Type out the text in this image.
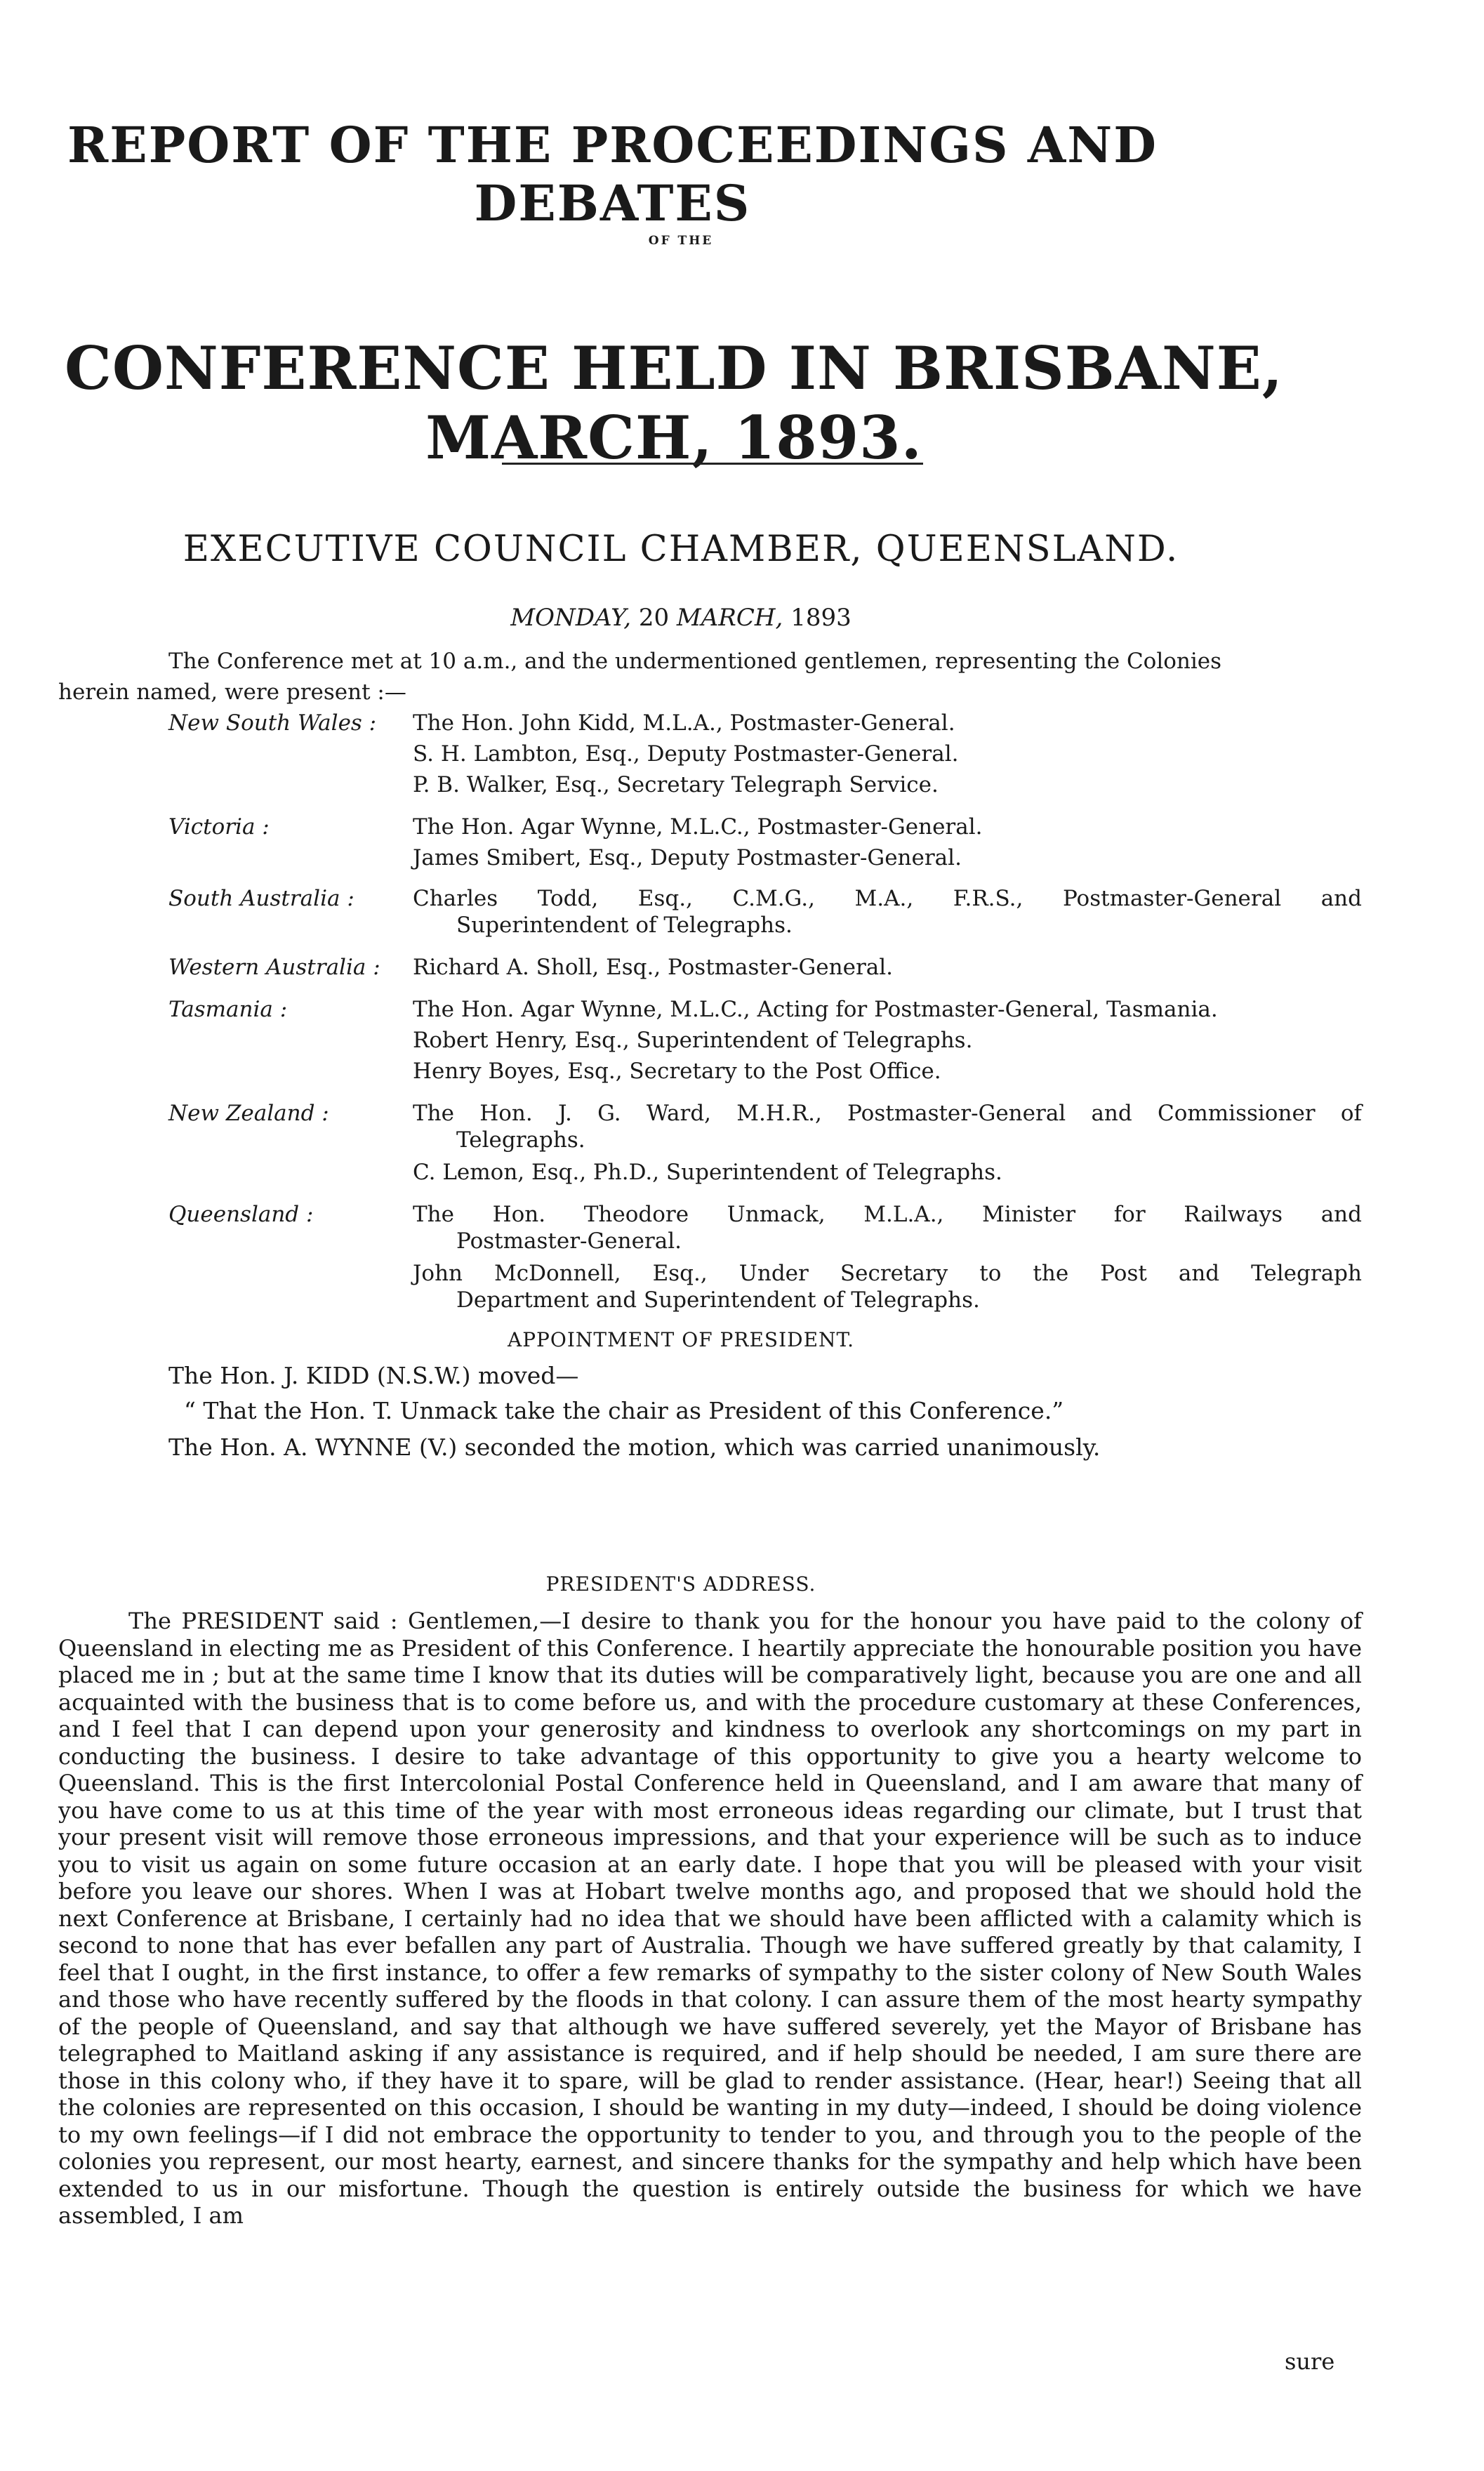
REPORT OF THE PROCEEDINGS AND DEBATES
OF THE
CONFERENCE HELD IN BRISBANE, MARCH, 1893.
EXECUTIVE COUNCIL CHAMBER, QUEENSLAND.
MONDAY, 20 MARCH, 1893
The Conference met at 10 a.m., and the undermentioned gentlemen, representing the Colonies
herein named, were present :—
New South Wales : The Hon. John Kidd, M.L.A., Postmaster-General.
S. H. Lambton, Esq., Deputy Postmaster-General.
P. B. Walker, Esq., Secretary Telegraph Service.
Victoria :	The Hon. Agar Wynne, M.L.C., Postmaster-General.
James Smibert, Esq., Deputy Postmaster-General.
South Australia :	Charles Todd, Esq., C.M.G., M.A., F.R.S., Postmaster-General and
Superintendent of Telegraphs.
Western Australia : Richard A. Sholl, Esq., Postmaster-General.
Tasmania :	The Hon. Agar Wynne, M.L.C., Acting for Postmaster-General, Tasmania.
Robert Henry, Esq., Superintendent of Telegraphs.
Henry Boyes, Esq., Secretary to the Post Office.
New Zealand :	The Hon. J. G. Ward, M.H.R., Postmaster-General and Commissioner of
Telegraphs.
C. Lemon, Esq., Ph.D., Superintendent of Telegraphs.
Queensland :	The Hon. Theodore Unmack, M.L.A., Minister for Railways and
Postmaster-General.
John McDonnell, Esq., Under Secretary to the Post and Telegraph
Department and Superintendent of Telegraphs.
APPOINTMENT OF PRESIDENT.
The Hon. J. KIDD (N.S.W.) moved—
“ That the Hon. T. Unmack take the chair as President of this Conference.”
The Hon. A. WYNNE (V.) seconded the motion, which was carried unanimously.
PRESIDENT'S ADDRESS.
The PRESIDENT said : Gentlemen,—I desire to thank you for the honour you have paid to the colony of Queensland in electing me as President of this Conference. I heartily appreciate the honourable position you have placed me in ; but at the same time I know that its duties will be comparatively light, because you are one and all acquainted with the business that is to come before us, and with the procedure customary at these Conferences, and I feel that I can depend upon your generosity and kindness to overlook any shortcomings on my part in conducting the business. I desire to take advantage of this opportunity to give you a hearty welcome to Queensland. This is the first Intercolonial Postal Conference held in Queensland, and I am aware that many of you have come to us at this time of the year with most erroneous ideas regarding our climate, but I trust that your present visit will remove those erroneous impressions, and that your experience will be such as to induce you to visit us again on some future occasion at an early date. I hope that you will be pleased with your visit before you leave our shores. When I was at Hobart twelve months ago, and proposed that we should hold the next Conference at Brisbane, I certainly had no idea that we should have been afflicted with a calamity which is second to none that has ever befallen any part of Australia. Though we have suffered greatly by that calamity, I feel that I ought, in the first instance, to offer a few remarks of sympathy to the sister colony of New South Wales and those who have recently suffered by the floods in that colony. I can assure them of the most hearty sympathy of the people of Queensland, and say that although we have suffered severely, yet the Mayor of Brisbane has telegraphed to Maitland asking if any assistance is required, and if help should be needed, I am sure there are those in this colony who, if they have it to spare, will be glad to render assistance. (Hear, hear!) Seeing that all the colonies are represented on this occasion, I should be wanting in my duty—indeed, I should be doing violence to my own feelings—if I did not embrace the opportunity to tender to you, and through you to the people of the colonies you represent, our most hearty, earnest, and sincere thanks for the sympathy and help which have been extended to us in our misfortune. Though the question is entirely outside the business for which we have assembled, I am
sure
